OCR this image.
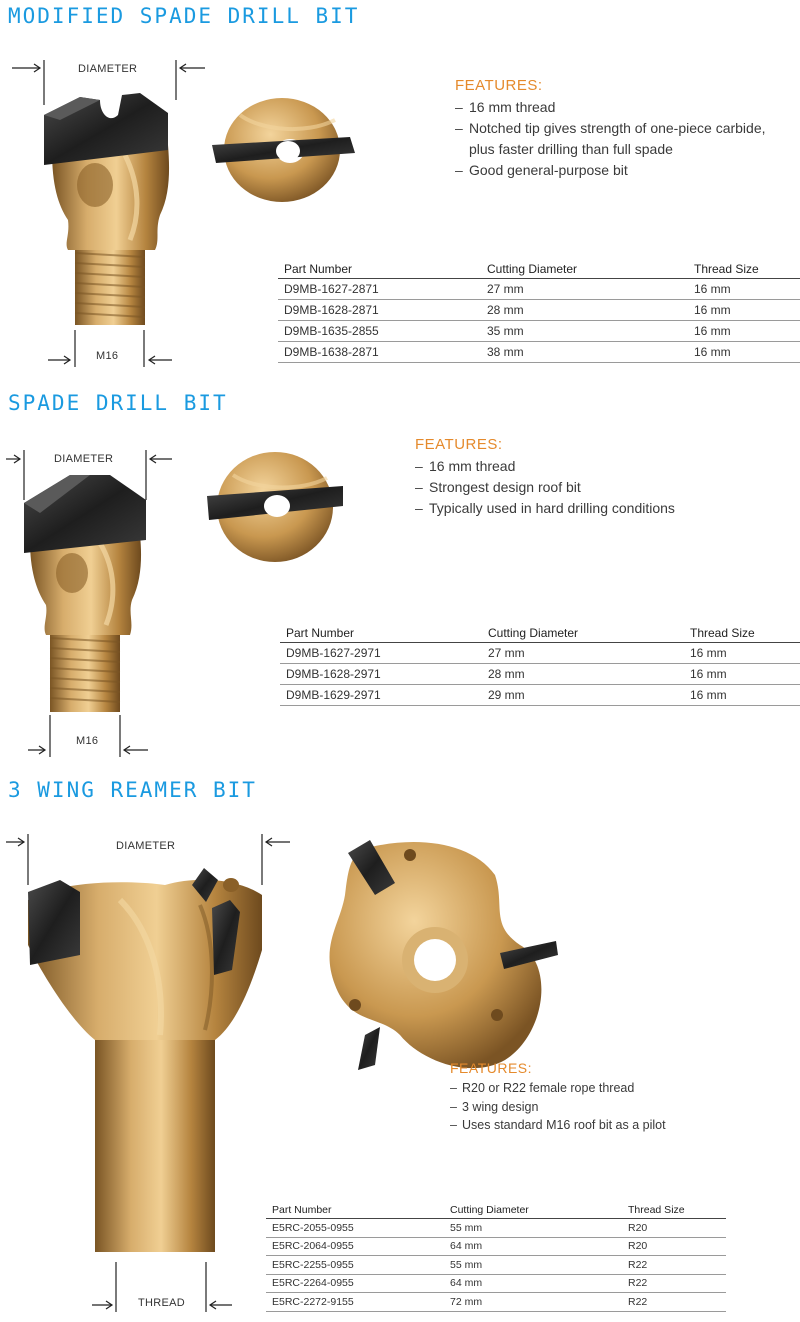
MODIFIED SPADE DRILL BIT
DIAMETER
M16
FEATURES:
– 16 mm thread
– Notched tip gives strength of one-piece carbide, plus faster drilling than full spade
– Good general-purpose bit
Part Number	Cutting Diameter	Thread Size
D9MB-1627-2871	27 mm	16 mm
D9MB-1628-2871	28 mm	16 mm
D9MB-1635-2855	35 mm	16 mm
D9MB-1638-2871	38 mm	16 mm
SPADE DRILL BIT
DIAMETER
M16
FEATURES:
– 16 mm thread
– Strongest design roof bit
– Typically used in hard drilling conditions
Part Number	Cutting Diameter	Thread Size
D9MB-1627-2971	27 mm	16 mm
D9MB-1628-2971	28 mm	16 mm
D9MB-1629-2971	29 mm	16 mm
3 WING REAMER BIT
DIAMETER
THREAD
FEATURES:
– R20 or R22 female rope thread
– 3 wing design
– Uses standard M16 roof bit as a pilot
Part Number	Cutting Diameter	Thread Size
E5RC-2055-0955	55 mm	R20
E5RC-2064-0955	64 mm	R20
E5RC-2255-0955	55 mm	R22
E5RC-2264-0955	64 mm	R22
E5RC-2272-9155	72 mm	R22
